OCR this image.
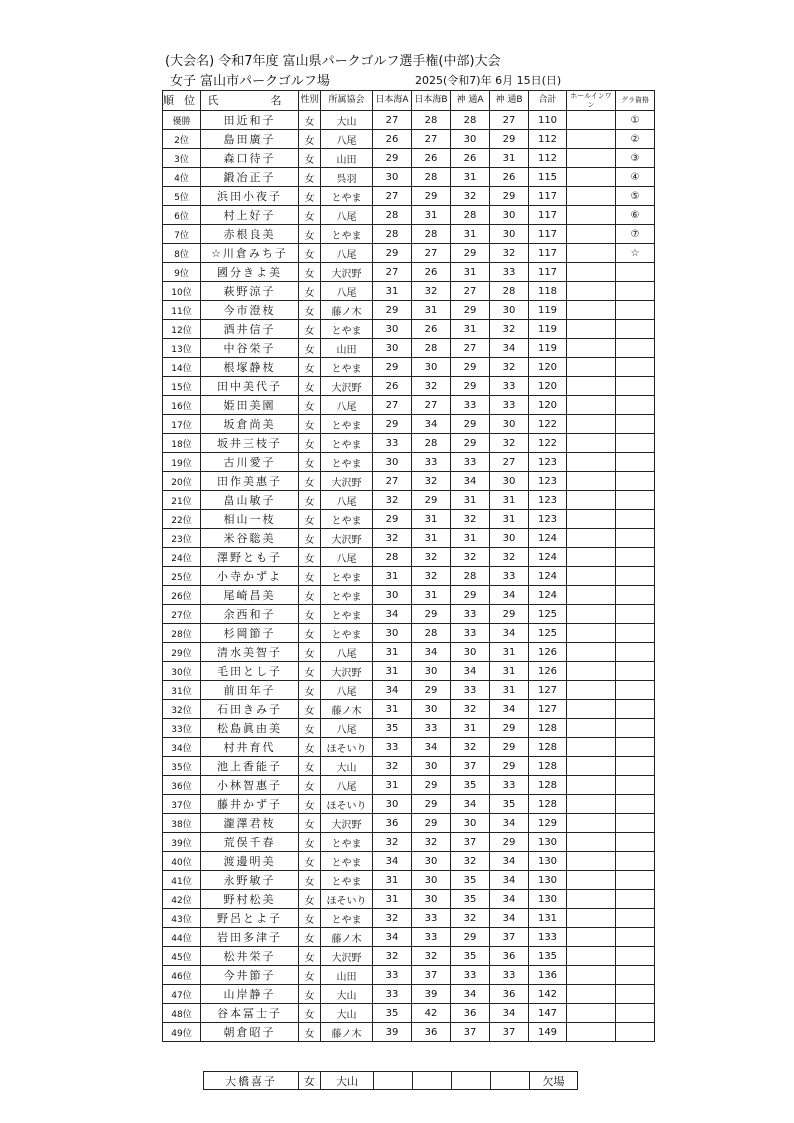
(大会名) 令和7年度 富山県パークゴルフ選手権(中部)大会
女子 富山市パークゴルフ場	2025(令和7)年 6月 15日(日)
順位	氏　　名	性別	所属協会	日本海A	日本海B	神 通A	神 通B	合計	ホールインワン	グラ資格
優勝	田近和子	女	大山	27	28	28	27	110		①
2位	島田廣子	女	八尾	26	27	30	29	112		②
3位	森口待子	女	山田	29	26	26	31	112		③
4位	鍛冶正子	女	呉羽	30	28	31	26	115		④
5位	浜田小夜子	女	とやま	27	29	32	29	117		⑤
6位	村上好子	女	八尾	28	31	28	30	117		⑥
7位	赤根良美	女	とやま	28	28	31	30	117		⑦
8位	☆川倉みち子	女	八尾	29	27	29	32	117		☆
9位	國分きよ美	女	大沢野	27	26	31	33	117		
10位	萩野涼子	女	八尾	31	32	27	28	118		
11位	今市澄枝	女	藤ノ木	29	31	29	30	119		
12位	酒井信子	女	とやま	30	26	31	32	119		
13位	中谷栄子	女	山田	30	28	27	34	119		
14位	根塚静枝	女	とやま	29	30	29	32	120		
15位	田中美代子	女	大沢野	26	32	29	33	120		
16位	姫田美園	女	八尾	27	27	33	33	120		
17位	坂倉尚美	女	とやま	29	34	29	30	122		
18位	坂井三枝子	女	とやま	33	28	29	32	122		
19位	古川愛子	女	とやま	30	33	33	27	123		
20位	田作美惠子	女	大沢野	27	32	34	30	123		
21位	畠山敏子	女	八尾	32	29	31	31	123		
22位	相山一枝	女	とやま	29	31	32	31	123		
23位	米谷聡美	女	大沢野	32	31	31	30	124		
24位	澤野とも子	女	八尾	28	32	32	32	124		
25位	小寺かずよ	女	とやま	31	32	28	33	124		
26位	尾崎昌美	女	とやま	30	31	29	34	124		
27位	余西和子	女	とやま	34	29	33	29	125		
28位	杉岡節子	女	とやま	30	28	33	34	125		
29位	清水美智子	女	八尾	31	34	30	31	126		
30位	毛田とし子	女	大沢野	31	30	34	31	126		
31位	前田年子	女	八尾	34	29	33	31	127		
32位	石田きみ子	女	藤ノ木	31	30	32	34	127		
33位	松島眞由美	女	八尾	35	33	31	29	128		
34位	村井育代	女	ほそいり	33	34	32	29	128		
35位	池上香能子	女	大山	32	30	37	29	128		
36位	小林智惠子	女	八尾	31	29	35	33	128		
37位	藤井かず子	女	ほそいり	30	29	34	35	128		
38位	瀧澤君枝	女	大沢野	36	29	30	34	129		
39位	荒俣千春	女	とやま	32	32	37	29	130		
40位	渡邊明美	女	とやま	34	30	32	34	130		
41位	永野敏子	女	とやま	31	30	35	34	130		
42位	野村松美	女	ほそいり	31	30	35	34	130		
43位	野呂とよ子	女	とやま	32	33	32	34	131		
44位	岩田多津子	女	藤ノ木	34	33	29	37	133		
45位	松井栄子	女	大沢野	32	32	35	36	135		
46位	今井節子	女	山田	33	37	33	33	136		
47位	山岸静子	女	大山	33	39	34	36	142		
48位	谷本冨士子	女	大山	35	42	36	34	147		
49位	朝倉昭子	女	藤ノ木	39	36	37	37	149		
大橋喜子	女	大山					欠場
